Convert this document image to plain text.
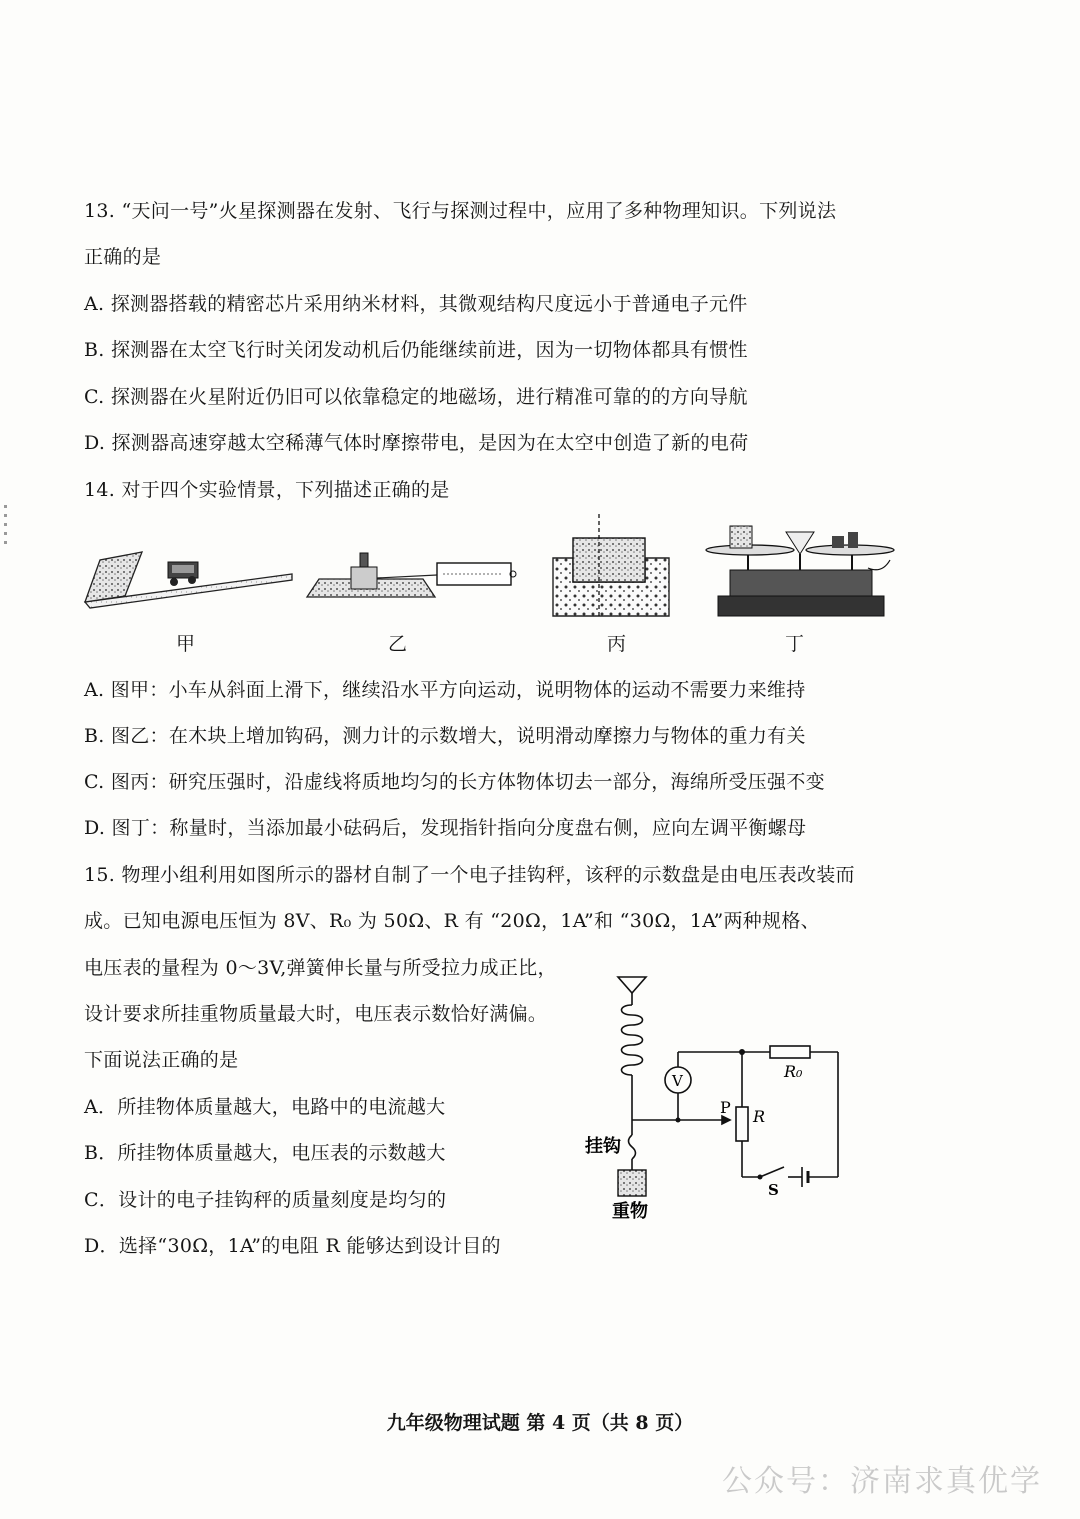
13. “天问一号”火星探测器在发射、飞行与探测过程中，应用了多种物理知识。下列说法
正确的是
A. 探测器搭载的精密芯片采用纳米材料，其微观结构尺度远小于普通电子元件
B. 探测器在太空飞行时关闭发动机后仍能继续前进，因为一切物体都具有惯性
C. 探测器在火星附近仍旧可以依靠稳定的地磁场，进行精准可靠的的方向导航
D. 探测器高速穿越太空稀薄气体时摩擦带电，是因为在太空中创造了新的电荷
14. 对于四个实验情景，下列描述正确的是
甲	乙	丙	丁
A. 图甲：小车从斜面上滑下，继续沿水平方向运动，说明物体的运动不需要力来维持
B. 图乙：在木块上增加钩码，测力计的示数增大，说明滑动摩擦力与物体的重力有关
C. 图丙：研究压强时，沿虚线将质地均匀的长方体物体切去一部分，海绵所受压强不变
D. 图丁：称量时，当添加最小砝码后，发现指针指向分度盘右侧，应向左调平衡螺母
15. 物理小组利用如图所示的器材自制了一个电子挂钩秤，该秤的示数盘是由电压表改装而
成。已知电源电压恒为 8V、R₀ 为 50Ω、R 有 “20Ω，1A”和 “30Ω，1A”两种规格、
电压表的量程为 0～3V,弹簧伸长量与所受拉力成正比，
设计要求所挂重物质量最大时，电压表示数恰好满偏。
下面说法正确的是
A．所挂物体质量越大，电路中的电流越大
B．所挂物体质量越大，电压表的示数越大
C．设计的电子挂钩秤的质量刻度是均匀的
D．选择“30Ω，1A”的电阻 R 能够达到设计目的
V	R₀
P R
挂钩
S
重物
九年级物理试题 第 4 页（共 8 页）
公众号：济南求真优学
